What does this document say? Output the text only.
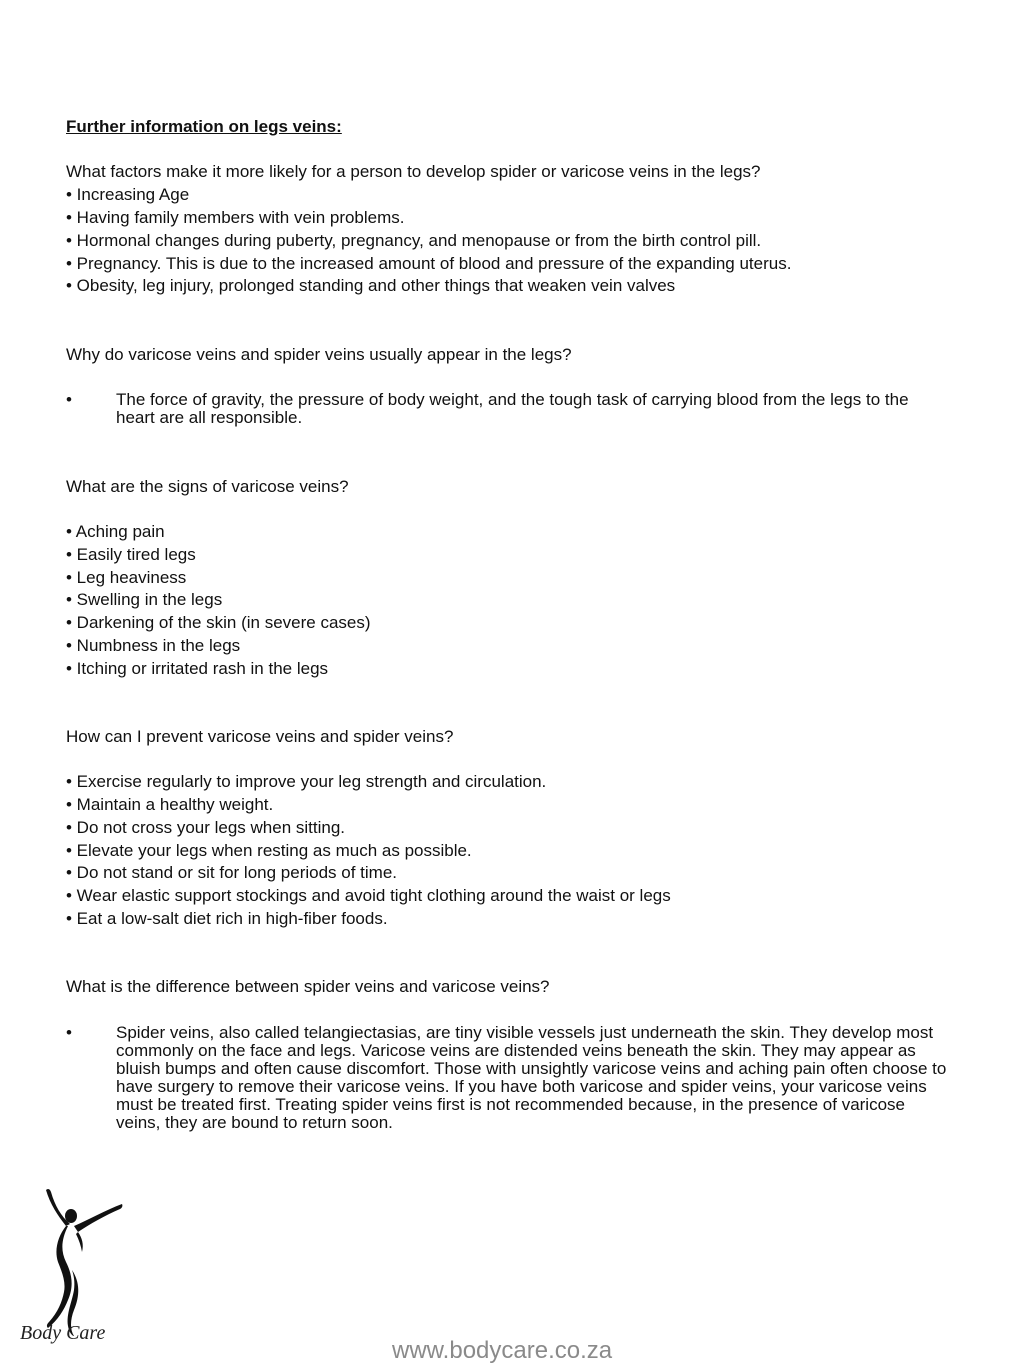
Further information on legs veins:
What factors make it more likely for a person to develop spider or varicose veins in the legs?
• Increasing Age
• Having family members with vein problems.
• Hormonal changes during puberty, pregnancy, and menopause or from the birth control pill.
• Pregnancy. This is due to the increased amount of blood and pressure of the expanding uterus.
• Obesity, leg injury, prolonged standing and other things that weaken vein valves
Why do varicose veins and spider veins usually appear in the legs?
•	The force of gravity, the pressure of body weight, and the tough task of carrying blood from the legs to the heart are all responsible.
What are the signs of varicose veins?
• Aching pain
• Easily tired legs
• Leg heaviness
• Swelling in the legs
• Darkening of the skin (in severe cases)
• Numbness in the legs
• Itching or irritated rash in the legs
How can I prevent varicose veins and spider veins?
• Exercise regularly to improve your leg strength and circulation.
• Maintain a healthy weight.
• Do not cross your legs when sitting.
• Elevate your legs when resting as much as possible.
• Do not stand or sit for long periods of time.
• Wear elastic support stockings and avoid tight clothing around the waist or legs
• Eat a low-salt diet rich in high-fiber foods.
What is the difference between spider veins and varicose veins?
•	Spider veins, also called telangiectasias, are tiny visible vessels just underneath the skin. They develop most commonly on the face and legs. Varicose veins are distended veins beneath the skin. They may appear as bluish bumps and often cause discomfort. Those with unsightly varicose veins and aching pain often choose to have surgery to remove their varicose veins. If you have both varicose and spider veins, your varicose veins must be treated first. Treating spider veins first is not recommended because, in the presence of varicose veins, they are bound to return soon.
Body Care
www.bodycare.co.za
